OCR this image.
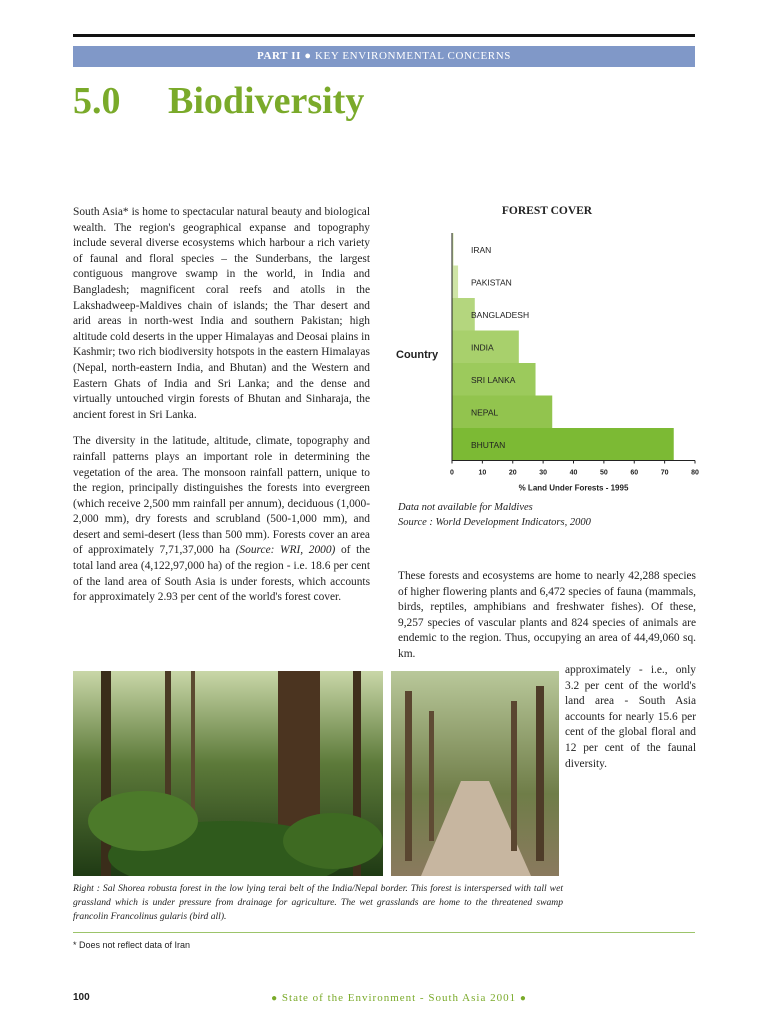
PART II ● KEY ENVIRONMENTAL CONCERNS
5.0 Biodiversity

South Asia* is home to spectacular natural beauty and biological wealth. The region's geographical expanse and topography include several diverse ecosystems which harbour a rich variety of faunal and floral species – the Sunderbans, the largest contiguous mangrove swamp in the world, in India and Bangladesh; magnificent coral reefs and atolls in the Lakshadweep-Maldives chain of islands; the Thar desert and arid areas in north-west India and southern Pakistan; high altitude cold deserts in the upper Himalayas and Deosai plains in Kashmir; two rich biodiversity hotspots in the eastern Himalayas (Nepal, north-eastern India, and Bhutan) and the Western and Eastern Ghats of India and Sri Lanka; and the dense and virtually untouched virgin forests of Bhutan and Sinharaja, the ancient forest in Sri Lanka.

The diversity in the latitude, altitude, climate, topography and rainfall patterns plays an important role in determining the vegetation of the area. The monsoon rainfall pattern, unique to the region, principally distinguishes the forests into evergreen (which receive 2,500 mm rainfall per annum), deciduous (1,000-2,000 mm), dry forests and scrubland (500-1,000 mm), and desert and semi-desert (less than 500 mm). Forests cover an area of approximately 7,71,37,000 ha (Source: WRI, 2000) of the total land area (4,122,97,000 ha) of the region - i.e. 18.6 per cent of the land area of South Asia is under forests, which accounts for approximately 2.93 per cent of the world's forest cover.

FOREST COVER
IRAN
PAKISTAN
BANGLADESH
INDIA
SRI LANKA
NEPAL
BHUTAN
0	10	20	30	40	50	60	70	80
% Land Under Forests - 1995
Country
Data not available for Maldives
Source : World Development Indicators, 2000

These forests and ecosystems are home to nearly 42,288 species of higher flowering plants and 6,472 species of fauna (mammals, birds, reptiles, amphibians and freshwater fishes). Of these, 9,257 species of vascular plants and 824 species of animals are endemic to the region. Thus, occupying an area of 44,49,060 sq. km.

approximately - i.e., only 3.2 per cent of the world's land area - South Asia accounts for nearly 15.6 per cent of the global floral and 12 per cent of the faunal diversity.

Right : Sal Shorea robusta forest in the low lying terai belt of the India/Nepal border. This forest is interspersed with tall wet grassland which is under pressure from drainage for agriculture. The wet grasslands are home to the threatened swamp francolin Francolinus gularis (bird all).
* Does not reflect data of Iran
100	● State of the Environment - South Asia 2001 ●
